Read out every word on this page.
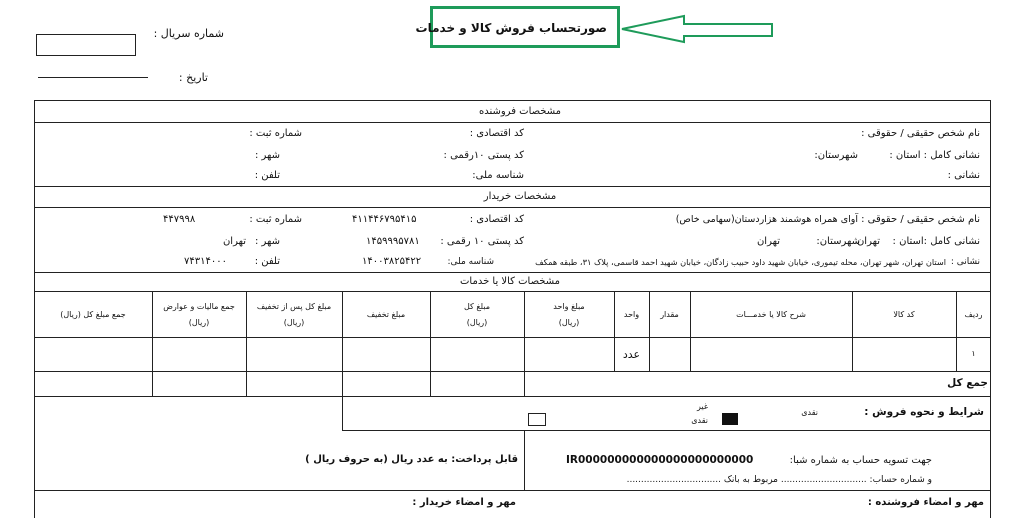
شماره سریال :
تاریخ :
صورتحساب فروش کالا و خدمات
مشخصات فروشنده
نام شخص حقیقی / حقوقی :
کد اقتصادی :
شماره ثبت :
نشانی کامل : استان :
شهرستان:
کد پستی ۱۰رقمی :
شهر :
نشانی :
شناسه ملی:
تلفن :
مشخصات خریدار
نام شخص حقیقی / حقوقی :
آوای همراه هوشمند هزاردستان(سهامی خاص)
کد اقتصادی :
۴۱۱۴۴۶۷۹۵۴۱۵
شماره ثبت :
۴۴۷۹۹۸
نشانی کامل :استان :
تهران
شهرستان:
تهران
کد پستی ۱۰ رقمی :
۱۴۵۹۹۹۵۷۸۱
شهر :
تهران
نشانی :
استان تهران، شهر تهران، محله تیموری، خیابان شهید داود حبیب زادگان، خیابان شهید احمد قاسمی، پلاک ۳۱، طبقه همکف
شناسه ملی:
۱۴۰۰۳۸۲۵۴۲۲
تلفن :
۷۴۳۱۴۰۰۰
مشخصات کالا یا خدمات
ردیف
کد کالا
شرح کالا یا خدمـــات
مقدار
واحد
مبلغ واحد
(ریال)
مبلغ کل
(ریال)
مبلغ تخفیف
مبلغ کل پس از تخفیف
(ریال)
جمع مالیات و عوارض
(ریال)
جمع مبلغ کل (ریال)
۱
عدد
جمع کل
شرایط و نحوه فروش :
نقدی
غیر
نقدی
قابل پرداخت: به عدد ریال (به حروف ریال )	جهت تسویه حساب به شماره شبا:
IR000000000000000000000000
و شماره حساب: .............................. مربوط به بانک .................................
مهر و امضاء فروشنده :
مهر و امضاء خریدار :
